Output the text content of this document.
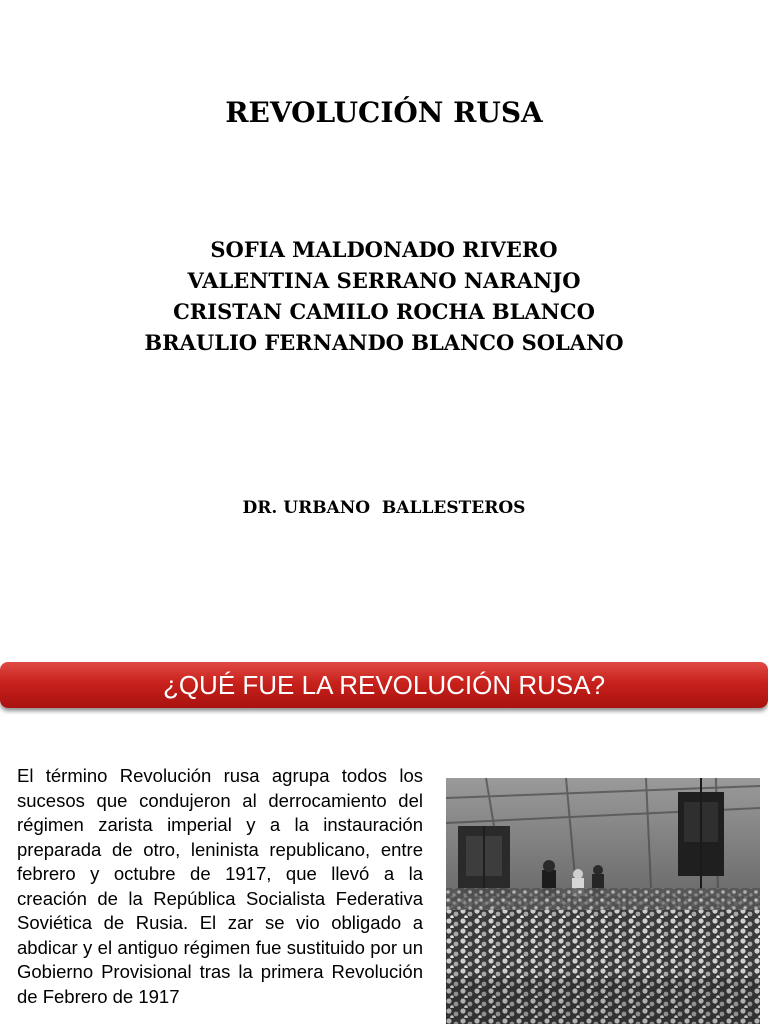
REVOLUCIÓN RUSA
SOFIA MALDONADO RIVERO
VALENTINA SERRANO NARANJO
CRISTAN CAMILO ROCHA BLANCO
BRAULIO FERNANDO BLANCO SOLANO
DR. URBANO  BALLESTEROS
¿QUÉ FUE LA REVOLUCIÓN RUSA?
El término Revolución rusa agrupa todos los sucesos que condujeron al derrocamiento del régimen zarista imperial y a la instauración preparada de otro, leninista republicano, entre febrero y octubre de 1917, que llevó a la creación de la República Socialista Federativa Soviética de Rusia. El zar se vio obligado a abdicar y el antiguo régimen fue sustituido por un Gobierno Provisional tras la primera Revolución de Febrero de 1917
